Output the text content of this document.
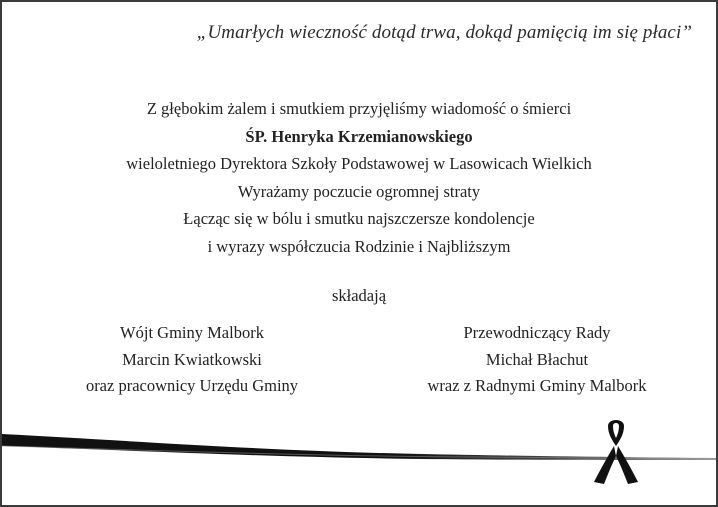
„Umarłych wieczność dotąd trwa, dokąd pamięcią im się płaci”
Z głębokim żalem i smutkiem przyjęliśmy wiadomość o śmierci
ŚP. Henryka Krzemianowskiego
wieloletniego Dyrektora Szkoły Podstawowej w Lasowicach Wielkich
Wyrażamy poczucie ogromnej straty
Łącząc się w bólu i smutku najszczersze kondolencje
i wyrazy współczucia Rodzinie i Najbliższym
składają
Wójt Gminy Malbork
Marcin Kwiatkowski
oraz pracownicy Urzędu Gminy
Przewodniczący Rady
Michał Błachut
wraz z Radnymi Gminy Malbork
